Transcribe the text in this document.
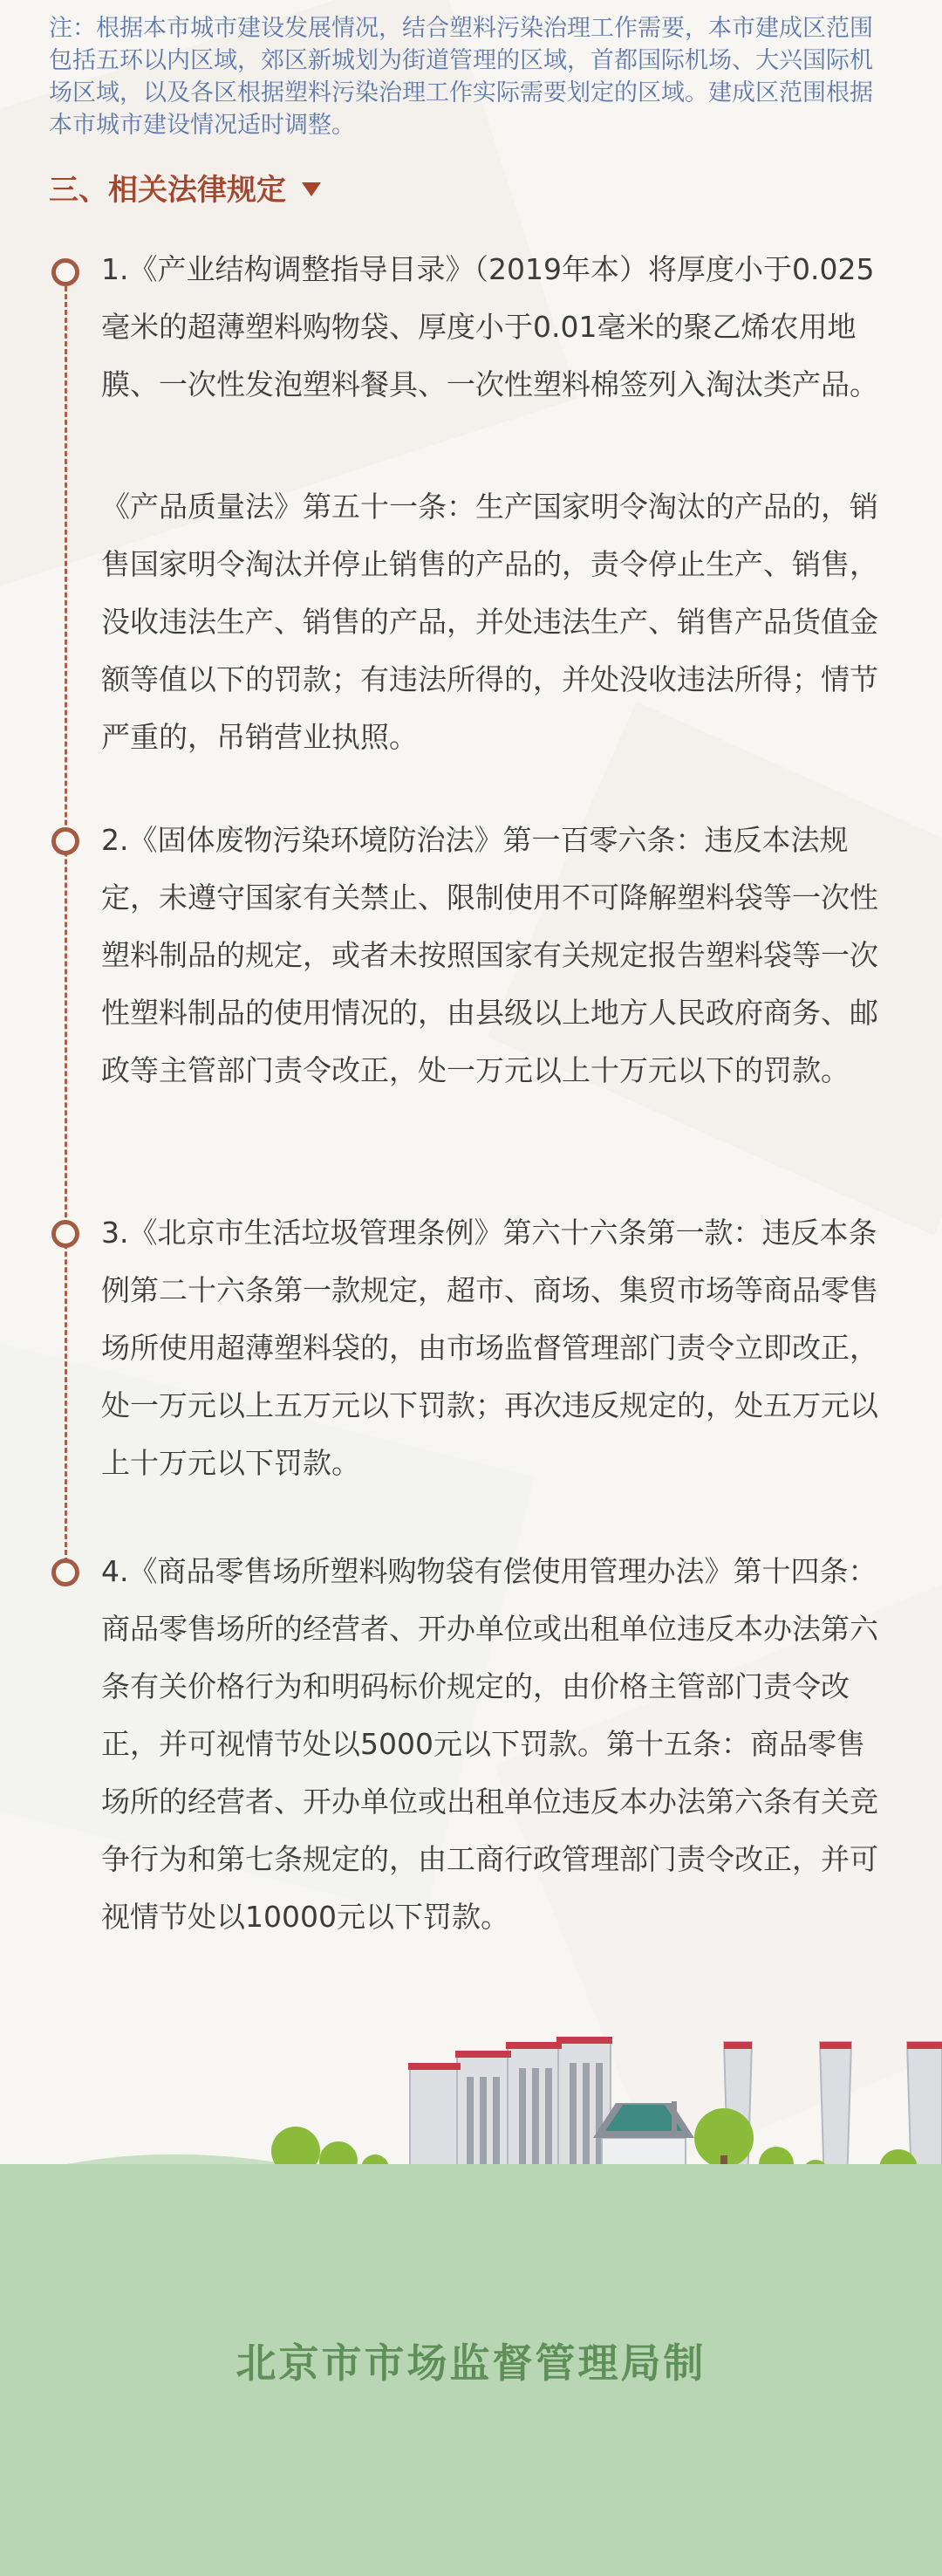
注：根据本市城市建设发展情况，结合塑料污染治理工作需要，本市建成区范围包括五环以内区域，郊区新城划为街道管理的区域，首都国际机场、大兴国际机场区域，以及各区根据塑料污染治理工作实际需要划定的区域。建成区范围根据本市城市建设情况适时调整。

三、相关法律规定

1.《产业结构调整指导目录》（2019年本）将厚度小于0.025毫米的超薄塑料购物袋、厚度小于0.01毫米的聚乙烯农用地膜、一次性发泡塑料餐具、一次性塑料棉签列入淘汰类产品。

《产品质量法》第五十一条：生产国家明令淘汰的产品的，销售国家明令淘汰并停止销售的产品的，责令停止生产、销售，没收违法生产、销售的产品，并处违法生产、销售产品货值金额等值以下的罚款；有违法所得的，并处没收违法所得；情节严重的，吊销营业执照。

2.《固体废物污染环境防治法》第一百零六条：违反本法规定，未遵守国家有关禁止、限制使用不可降解塑料袋等一次性塑料制品的规定，或者未按照国家有关规定报告塑料袋等一次性塑料制品的使用情况的，由县级以上地方人民政府商务、邮政等主管部门责令改正，处一万元以上十万元以下的罚款。

3.《北京市生活垃圾管理条例》第六十六条第一款：违反本条例第二十六条第一款规定，超市、商场、集贸市场等商品零售场所使用超薄塑料袋的，由市场监督管理部门责令立即改正，处一万元以上五万元以下罚款；再次违反规定的，处五万元以上十万元以下罚款。

4.《商品零售场所塑料购物袋有偿使用管理办法》第十四条：商品零售场所的经营者、开办单位或出租单位违反本办法第六条有关价格行为和明码标价规定的，由价格主管部门责令改正，并可视情节处以5000元以下罚款。第十五条：商品零售场所的经营者、开办单位或出租单位违反本办法第六条有关竞争行为和第七条规定的，由工商行政管理部门责令改正，并可视情节处以10000元以下罚款。

北京市市场监督管理局制
